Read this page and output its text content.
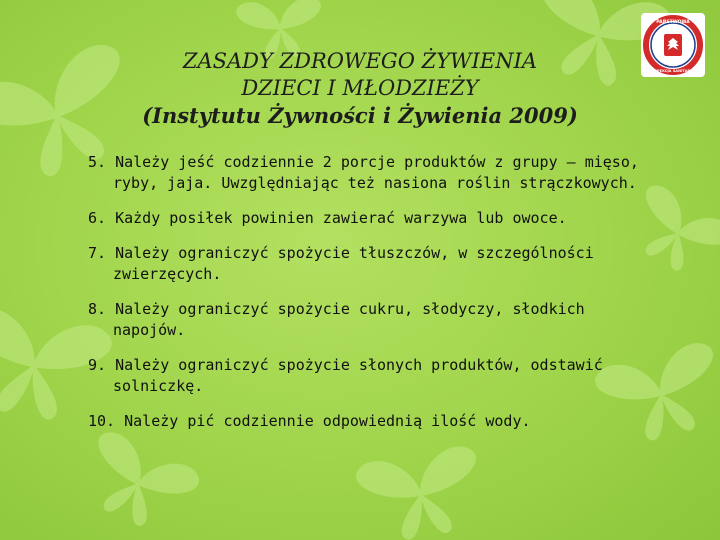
ZASADY ZDROWEGO ŻYWIENIA
DZIECI I MŁODZIEŻY
(Instytutu Żywności i Żywienia 2009)
5. Należy jeść codziennie 2 porcje produktów z grupy – mięso, ryby, jaja. Uwzględniając też nasiona roślin strączkowych.
6. Każdy posiłek powinien zawierać warzywa lub owoce.
7. Należy ograniczyć spożycie tłuszczów, w szczególności zwierzęcych.
8. Należy ograniczyć spożycie cukru, słodyczy, słodkich napojów.
9. Należy ograniczyć spożycie słonych produktów, odstawić solniczkę.
10. Należy pić codziennie odpowiednią ilość wody.
PAŃSTWOWA
INSPEKCJA SANITARNA
